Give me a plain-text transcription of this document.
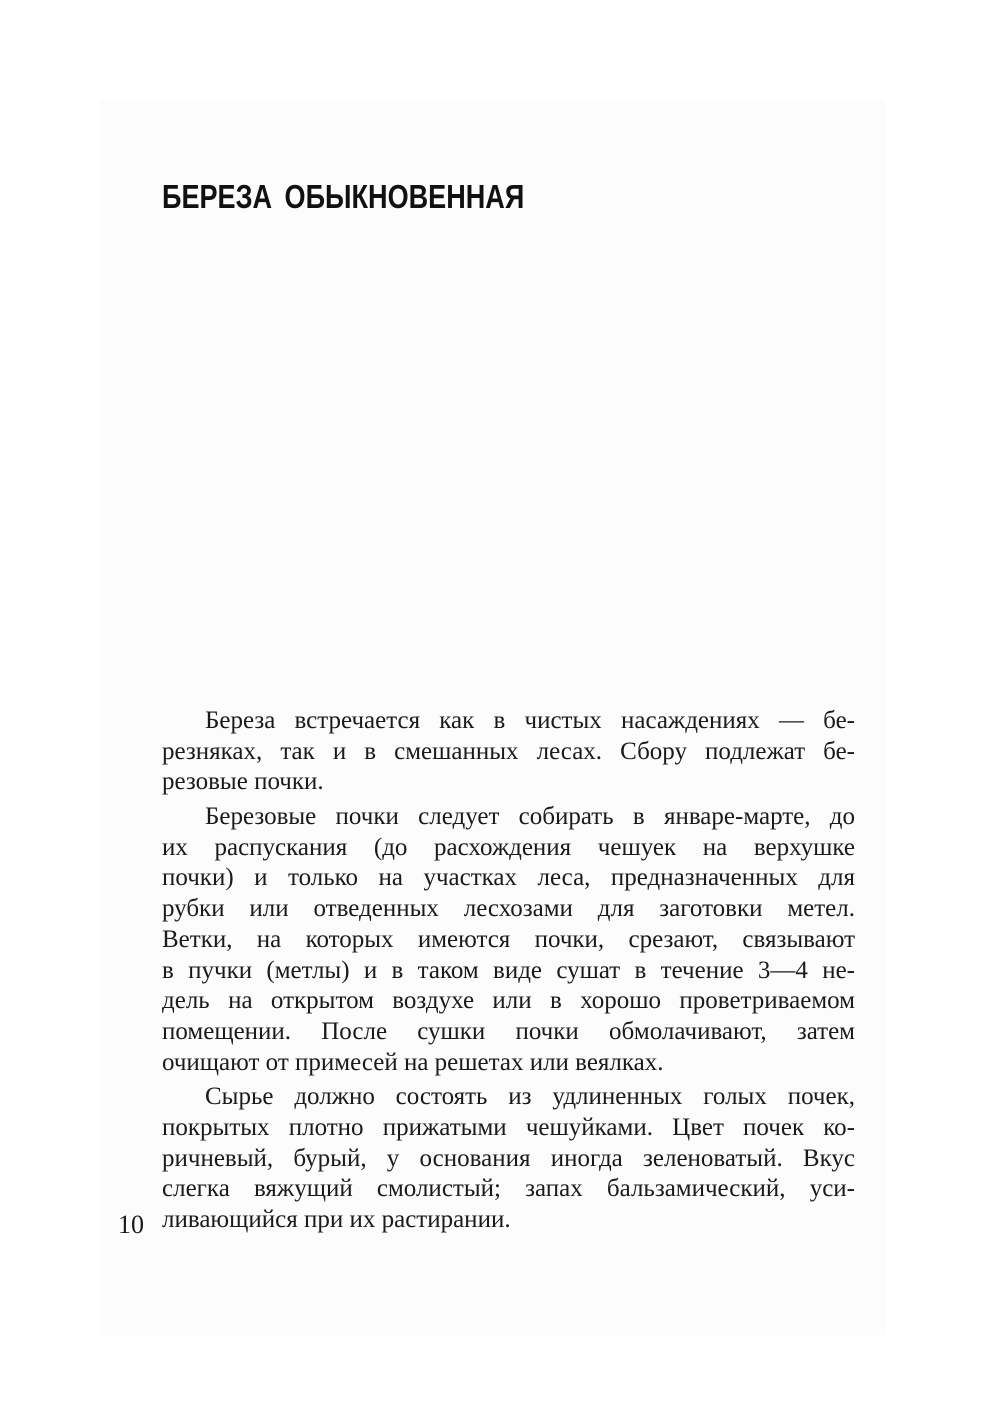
БЕРЕЗА ОБЫКНОВЕННАЯ
Береза встречается как в чистых насаждениях — бе-
резняках, так и в смешанных лесах. Сбору подлежат бе-
резовые почки.
Березовые почки следует собирать в январе-марте, до
их распускания (до расхождения чешуек на верхушке
почки) и только на участках леса, предназначенных для
рубки или отведенных лесхозами для заготовки метел.
Ветки, на которых имеются почки, срезают, связывают
в пучки (метлы) и в таком виде сушат в течение 3—4 не-
дель на открытом воздухе или в хорошо проветриваемом
помещении. После сушки почки обмолачивают, затем
очищают от примесей на решетах или веялках.
Сырье должно состоять из удлиненных голых почек,
покрытых плотно прижатыми чешуйками. Цвет почек ко-
ричневый, бурый, у основания иногда зеленоватый. Вкус
слегка вяжущий смолистый; запах бальзамический, уси-
ливающийся при их растирании.
10
